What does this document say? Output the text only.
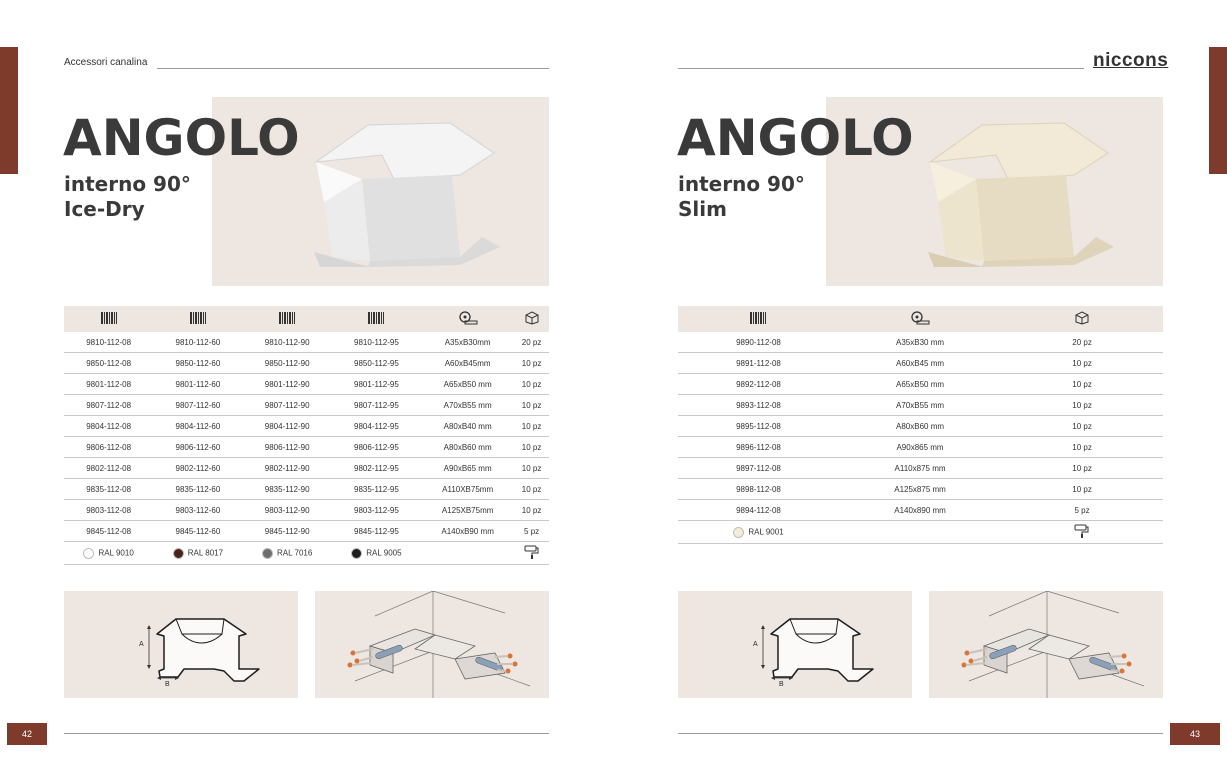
Accessori canalina
ANGOLO
interno 90°
Ice-Dry

9810-112-08	9810-112-60	9810-112-90	9810-112-95	A35xB30mm	20 pz
9850-112-08	9850-112-60	9850-112-90	9850-112-95	A60xB45mm	10 pz
9801-112-08	9801-112-60	9801-112-90	9801-112-95	A65xB50 mm	10 pz
9807-112-08	9807-112-60	9807-112-90	9807-112-95	A70xB55 mm	10 pz
9804-112-08	9804-112-60	9804-112-90	9804-112-95	A80xB40 mm	10 pz
9806-112-08	9806-112-60	9806-112-90	9806-112-95	A80xB60 mm	10 pz
9802-112-08	9802-112-60	9802-112-90	9802-112-95	A90xB65 mm	10 pz
9835-112-08	9835-112-60	9835-112-90	9835-112-95	A110XB75mm	10 pz
9803-112-08	9803-112-60	9803-112-90	9803-112-95	A125XB75mm	10 pz
9845-112-08	9845-112-60	9845-112-90	9845-112-95	A140xB90 mm	5 pz
RAL 9010	RAL 8017	RAL 7016	RAL 9005		
A
B
42
niccons
ANGOLO
interno 90°
Slim

9890-112-08	A35xB30 mm	20 pz
9891-112-08	A60xB45 mm	10 pz
9892-112-08	A65xB50 mm	10 pz
9893-112-08	A70xB55 mm	10 pz
9895-112-08	A80xB60 mm	10 pz
9896-112-08	A90x865 mm	10 pz
9897-112-08	A110x875 mm	10 pz
9898-112-08	A125x875 mm	10 pz
9894-112-08	A140x890 mm	5 pz
RAL 9001		
A
B
43
